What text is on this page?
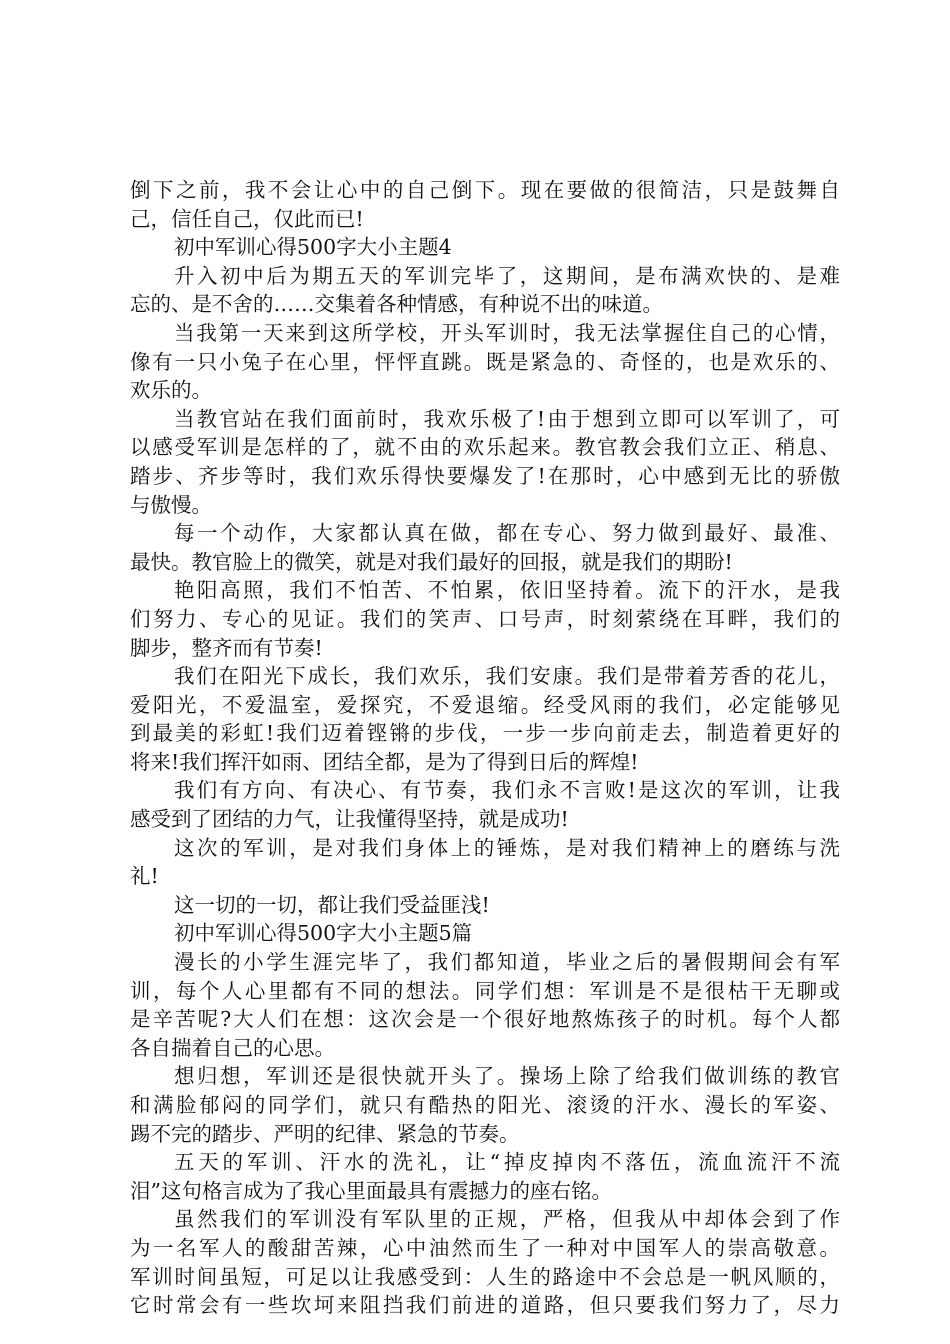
倒下之前，我不会让心中的自己倒下。现在要做的很简洁，只是鼓舞自
己，信任自己，仅此而已!
初中军训心得500字大小主题4
升入初中后为期五天的军训完毕了，这期间，是布满欢快的、是难
忘的、是不舍的……交集着各种情感，有种说不出的味道。
当我第一天来到这所学校，开头军训时，我无法掌握住自己的心情，
像有一只小兔子在心里，怦怦直跳。既是紧急的、奇怪的，也是欢乐的、
欢乐的。
当教官站在我们面前时，我欢乐极了!由于想到立即可以军训了，可
以感受军训是怎样的了，就不由的欢乐起来。教官教会我们立正、稍息、
踏步、齐步等时，我们欢乐得快要爆发了!在那时，心中感到无比的骄傲
与傲慢。
每一个动作，大家都认真在做，都在专心、努力做到最好、最准、
最快。教官脸上的微笑，就是对我们最好的回报，就是我们的期盼!
艳阳高照，我们不怕苦、不怕累，依旧坚持着。流下的汗水，是我
们努力、专心的见证。我们的笑声、口号声，时刻萦绕在耳畔，我们的
脚步，整齐而有节奏!
我们在阳光下成长，我们欢乐，我们安康。我们是带着芳香的花儿，
爱阳光，不爱温室，爱探究，不爱退缩。经受风雨的我们，必定能够见
到最美的彩虹!我们迈着铿锵的步伐，一步一步向前走去，制造着更好的
将来!我们挥汗如雨、团结全都，是为了得到日后的辉煌!
我们有方向、有决心、有节奏，我们永不言败!是这次的军训，让我
感受到了团结的力气，让我懂得坚持，就是成功!
这次的军训，是对我们身体上的锤炼，是对我们精神上的磨练与洗
礼!
这一切的一切，都让我们受益匪浅!
初中军训心得500字大小主题5篇
漫长的小学生涯完毕了，我们都知道，毕业之后的暑假期间会有军
训，每个人心里都有不同的想法。同学们想：军训是不是很枯干无聊或
是辛苦呢?大人们在想：这次会是一个很好地熬炼孩子的时机。每个人都
各自揣着自己的心思。
想归想，军训还是很快就开头了。操场上除了给我们做训练的教官
和满脸郁闷的同学们，就只有酷热的阳光、滚烫的汗水、漫长的军姿、
踢不完的踏步、严明的纪律、紧急的节奏。
五天的军训、汗水的洗礼，让“掉皮掉肉不落伍，流血流汗不流
泪”这句格言成为了我心里面最具有震撼力的座右铭。
虽然我们的军训没有军队里的正规，严格，但我从中却体会到了作
为一名军人的酸甜苦辣，心中油然而生了一种对中国军人的崇高敬意。
军训时间虽短，可足以让我感受到：人生的路途中不会总是一帆风顺的，
它时常会有一些坎坷来阻挡我们前进的道路，但只要我们努力了，尽力
